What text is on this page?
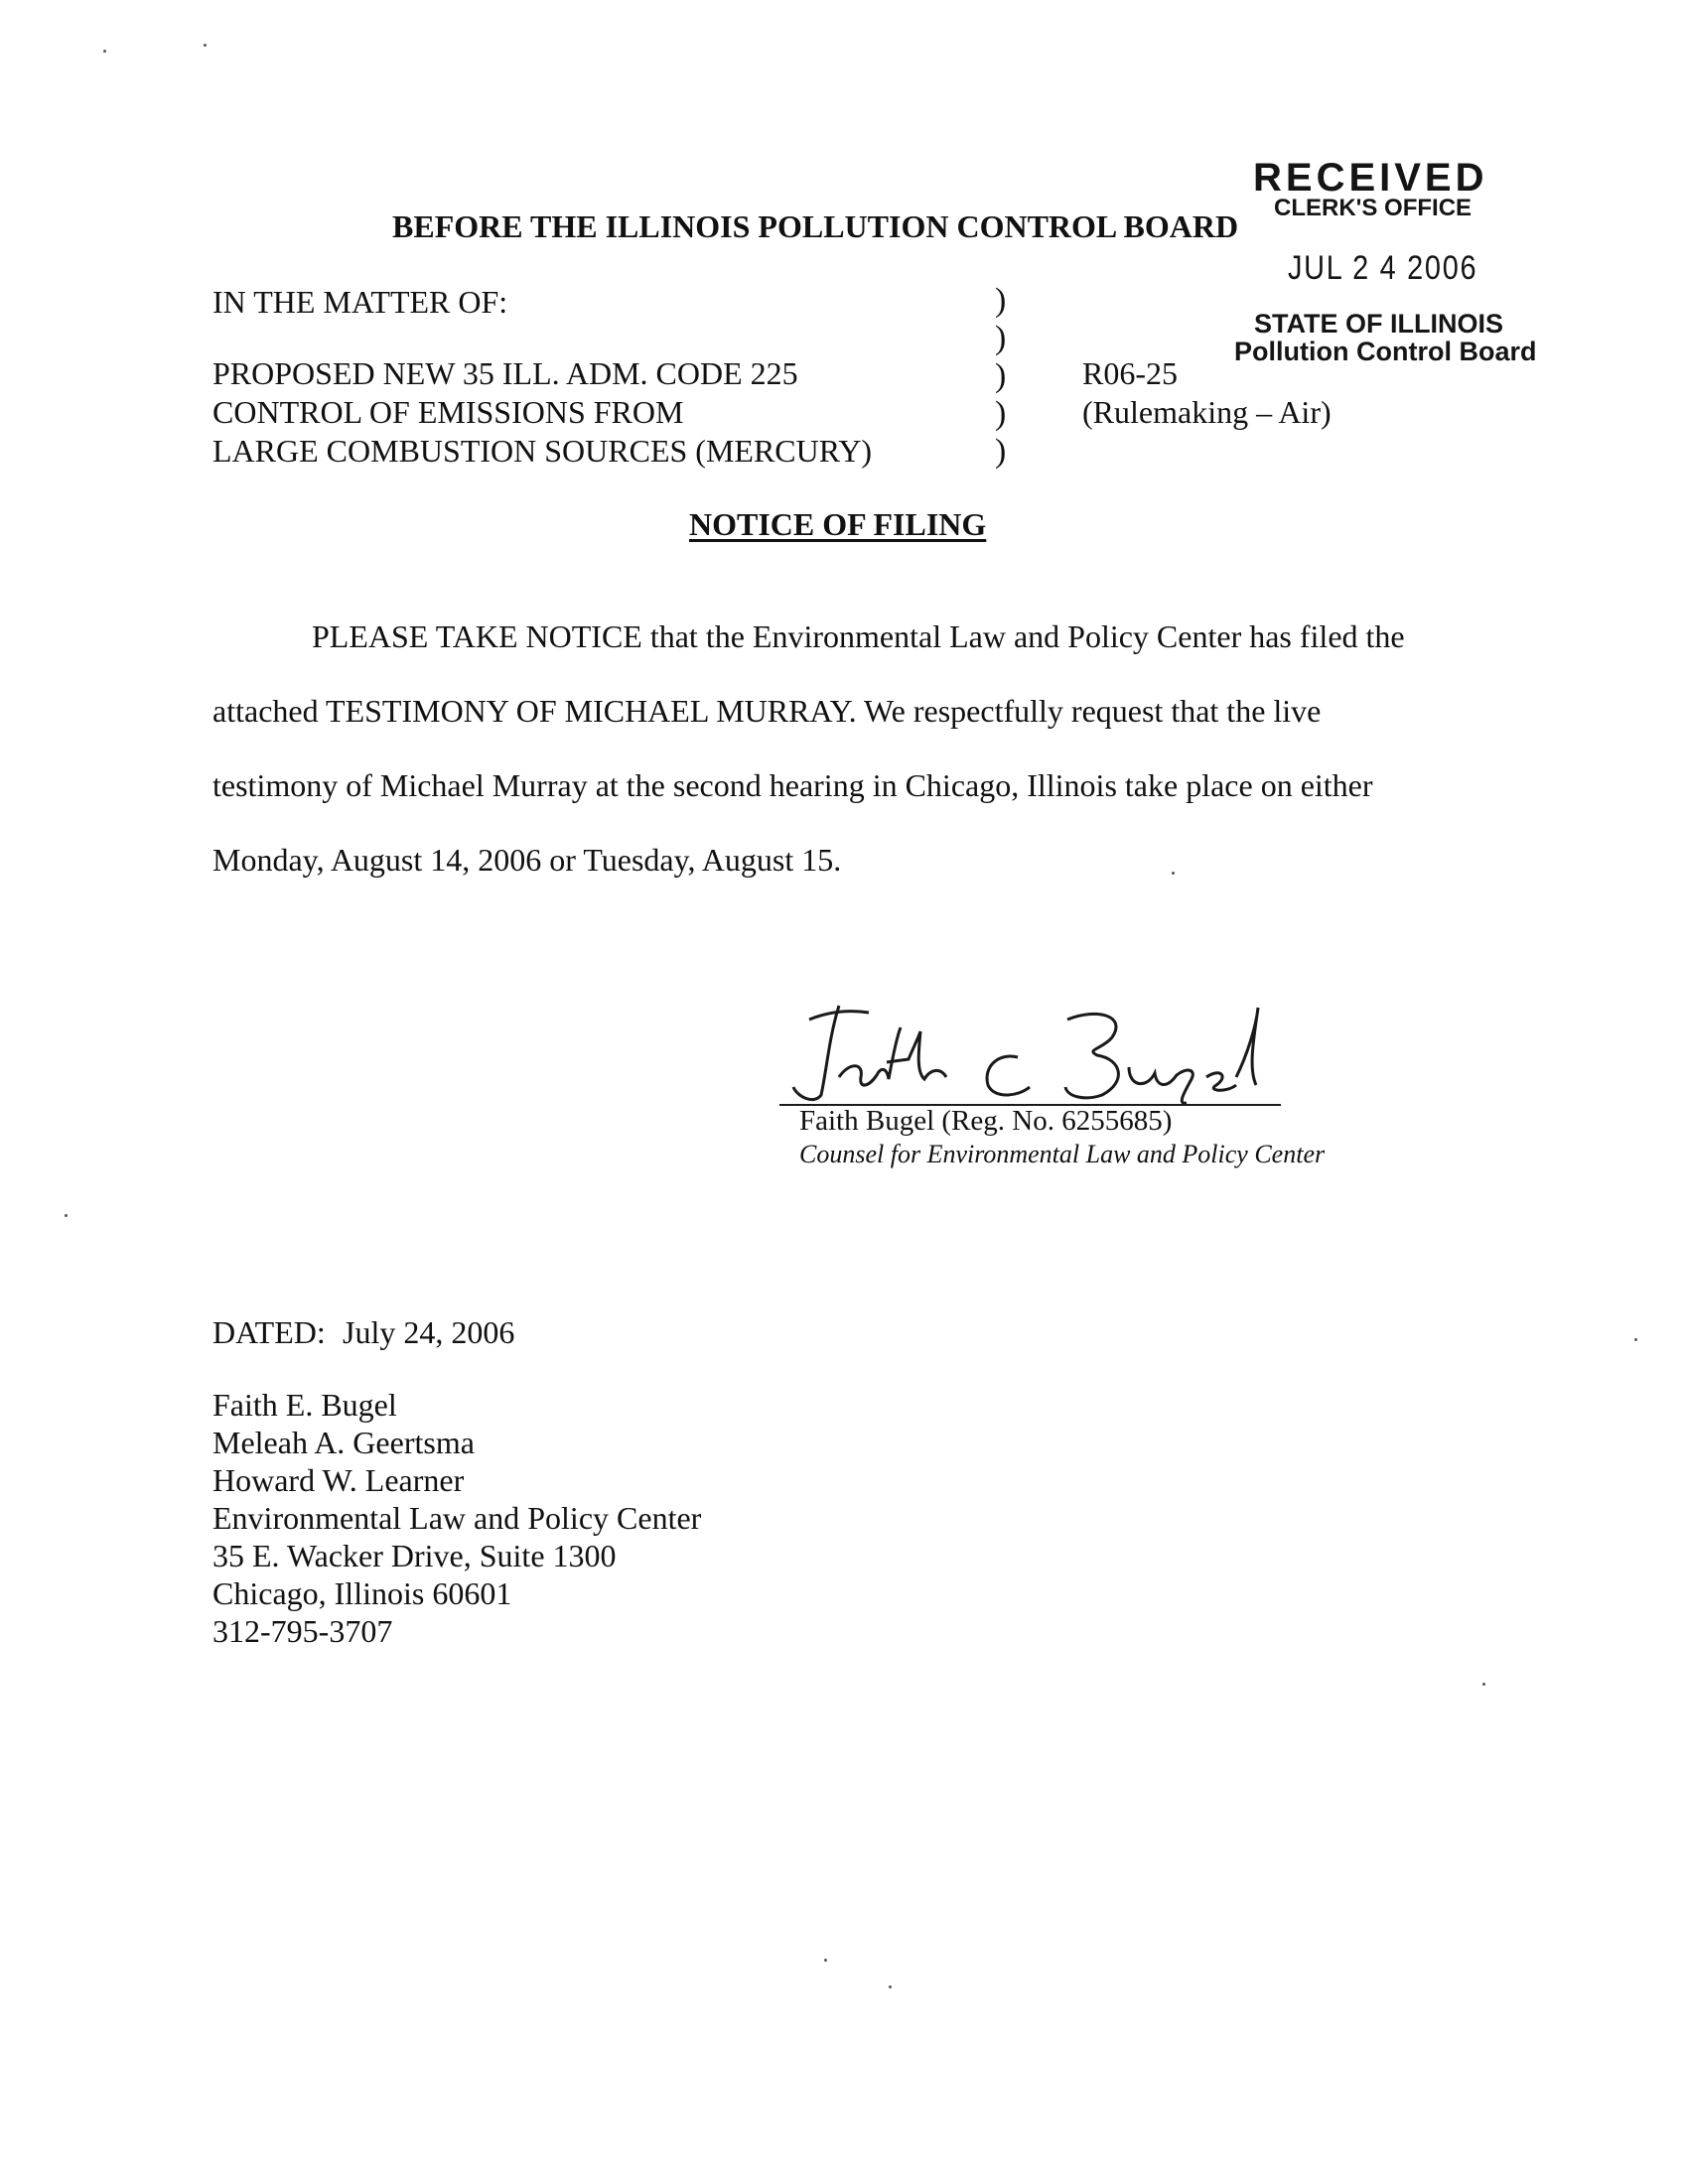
RECEIVED
CLERK'S OFFICE
JUL 2 4 2006
STATE OF ILLINOIS
Pollution Control Board
BEFORE THE ILLINOIS POLLUTION CONTROL BOARD
IN THE MATTER OF:
PROPOSED NEW 35 ILL. ADM. CODE 225
CONTROL OF EMISSIONS FROM
LARGE COMBUSTION SOURCES (MERCURY)
)
)
)
)
)
R06-25
(Rulemaking – Air)
NOTICE OF FILING
PLEASE TAKE NOTICE that the Environmental Law and Policy Center has filed the
attached TESTIMONY OF MICHAEL MURRAY. We respectfully request that the live
testimony of Michael Murray at the second hearing in Chicago, Illinois take place on either
Monday, August 14, 2006 or Tuesday, August 15.
Faith Bugel (Reg. No. 6255685)
Counsel for Environmental Law and Policy Center
DATED: July 24, 2006
Faith E. Bugel
Meleah A. Geertsma
Howard W. Learner
Environmental Law and Policy Center
35 E. Wacker Drive, Suite 1300
Chicago, Illinois 60601
312-795-3707
